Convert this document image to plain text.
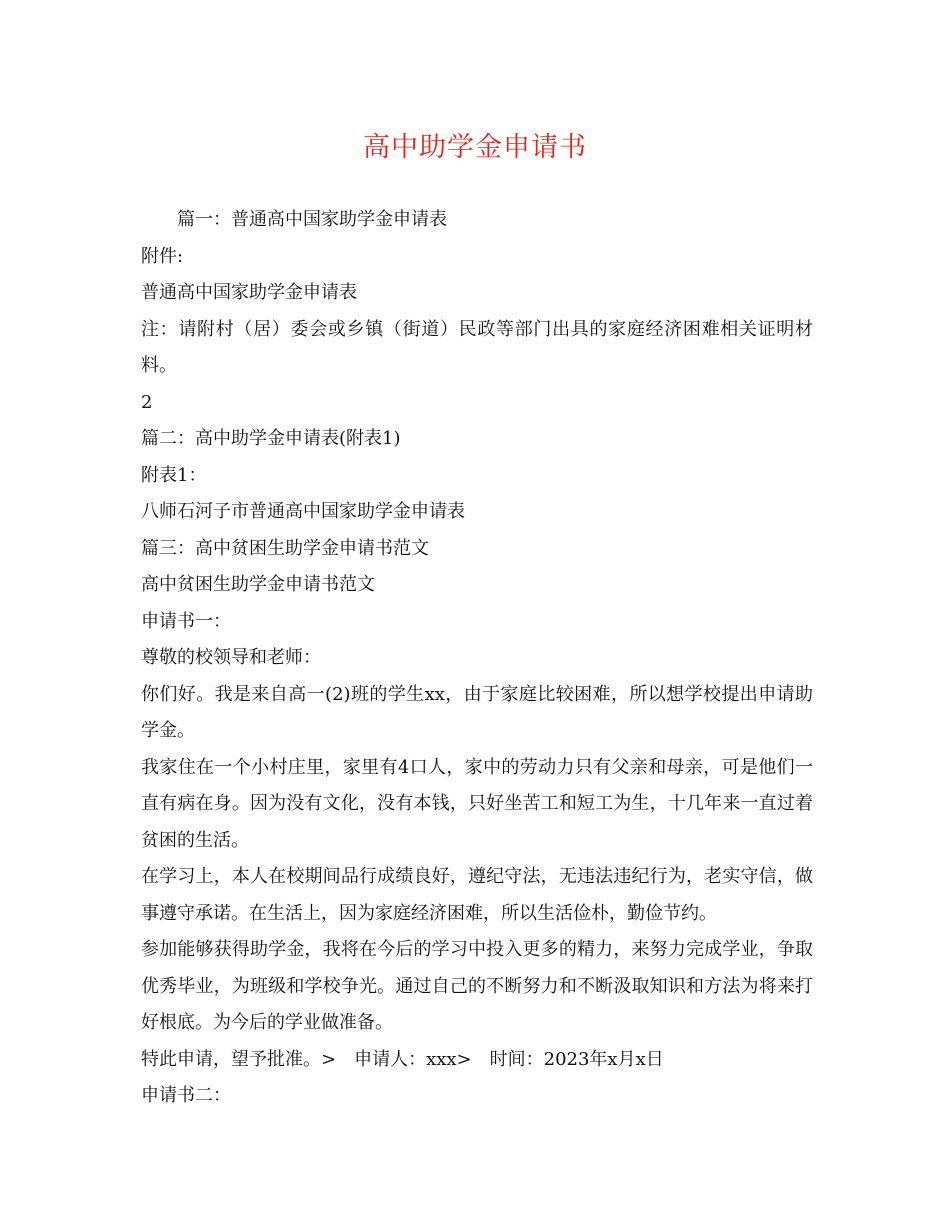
高中助学金申请书

篇一：普通高中国家助学金申请表

附件:

普通高中国家助学金申请表

注：请附村（居）委会或乡镇（街道）民政等部门出具的家庭经济困难相关证明材料。

2

篇二：高中助学金申请表(附表1)

附表1：

八师石河子市普通高中国家助学金申请表

篇三：高中贫困生助学金申请书范文

高中贫困生助学金申请书范文

申请书一：

尊敬的校领导和老师：

你们好。我是来自高一(2)班的学生xx，由于家庭比较困难，所以想学校提出申请助学金。

我家住在一个小村庄里，家里有4口人，家中的劳动力只有父亲和母亲，可是他们一直有病在身。因为没有文化，没有本钱，只好坐苦工和短工为生，十几年来一直过着贫困的生活。

在学习上，本人在校期间品行成绩良好，遵纪守法，无违法违纪行为，老实守信，做事遵守承诺。在生活上，因为家庭经济困难，所以生活俭朴，勤俭节约。

参加能够获得助学金，我将在今后的学习中投入更多的精力，来努力完成学业，争取优秀毕业，为班级和学校争光。通过自己的不断努力和不断汲取知识和方法为将来打好根底。为今后的学业做准备。

特此申请，望予批准。>　申请人：xxx>　时间：2023年x月x日

申请书二：
